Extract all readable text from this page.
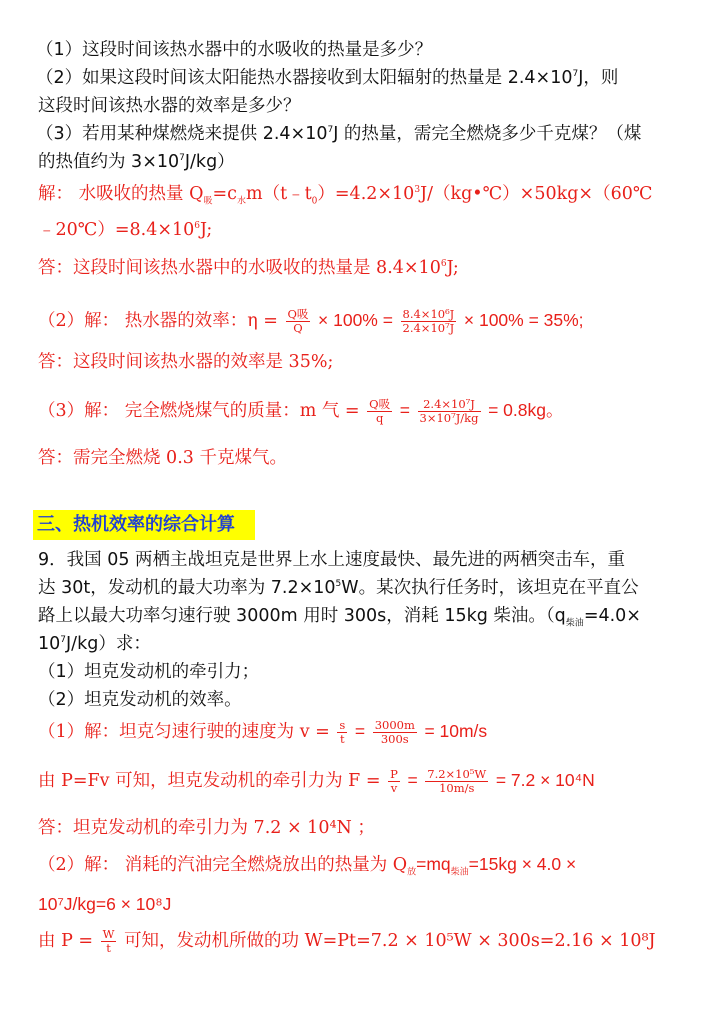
（1）这段时间该热水器中的水吸收的热量是多少？
（2）如果这段时间该太阳能热水器接收到太阳辐射的热量是 $2.4\times 10^7J$，则
这段时间该热水器的效率是多少？
（3）若用某种煤燃烧来提供 $2.4\times 10^7J$ 的热量，需完全燃烧多少千克煤？（煤
的热值约为 $3\times 10^7J/kg$）
解： 水吸收的热量 $Q_吸=c_水m(t﹣t_0)=4.2\times 10^3J/(kg•℃)\times 50kg\times(60℃$
$﹣20℃)=8.4\times 10^6J$;
答：这段时间该热水器中的水吸收的热量是 $8.4\times 10^6J$;
（2）解： 热水器的效率：$\eta = \frac{\text{Q吸}}{Q} \times 100\% = \frac{\text{8.4×10⁶J}}{\text{2.4×10⁷J}} \times 100\% = 35\%$;
答：这段时间该热水器的效率是 35%;
（3）解： 完全燃烧煤气的质量：m 气 = $\frac{\text{Q吸}}{q} = \frac{\text{2.4×10⁷J}}{\text{3×10⁷J/kg}} = 0.8kg$。
答：需完全燃烧 0.3 千克煤气。
三、热机效率的综合计算
9．我国 05 两栖主战坦克是世界上水上速度最快、最先进的两栖突击车，重
达 30t，发动机的最大功率为 $7.2\times 10^5W$。某次执行任务时，该坦克在平直公
路上以最大功率匀速行驶 3000m 用时 300s，消耗 15kg 柴油。（$q_{柴油}=4.0\times$
$10^7J/kg$）求：
（1）坦克发动机的牵引力；
（2）坦克发动机的效率。
（1）解：坦克匀速行驶的速度为 $v = \frac{s}{t} = \frac{3000m}{300s} = 10m/s$
由 P=Fv 可知，坦克发动机的牵引力为 $F = \frac{P}{v} = \frac{\text{7.2×10⁵W}}{10m/s} = 7.2 \times 10^4N$
答：坦克发动机的牵引力为 7.2 × 10⁴N ；
（2）解： 消耗的汽油完全燃烧放出的热量为 $Q_放=mq_{柴油}=15kg \times 4.0$ ×
10⁷J/kg=6 × 10⁸J
由 $P = \frac{W}{t}$ 可知，发动机所做的功 W=Pt=7.2 × 10⁵W × 300s=2.16 × 10⁸J
